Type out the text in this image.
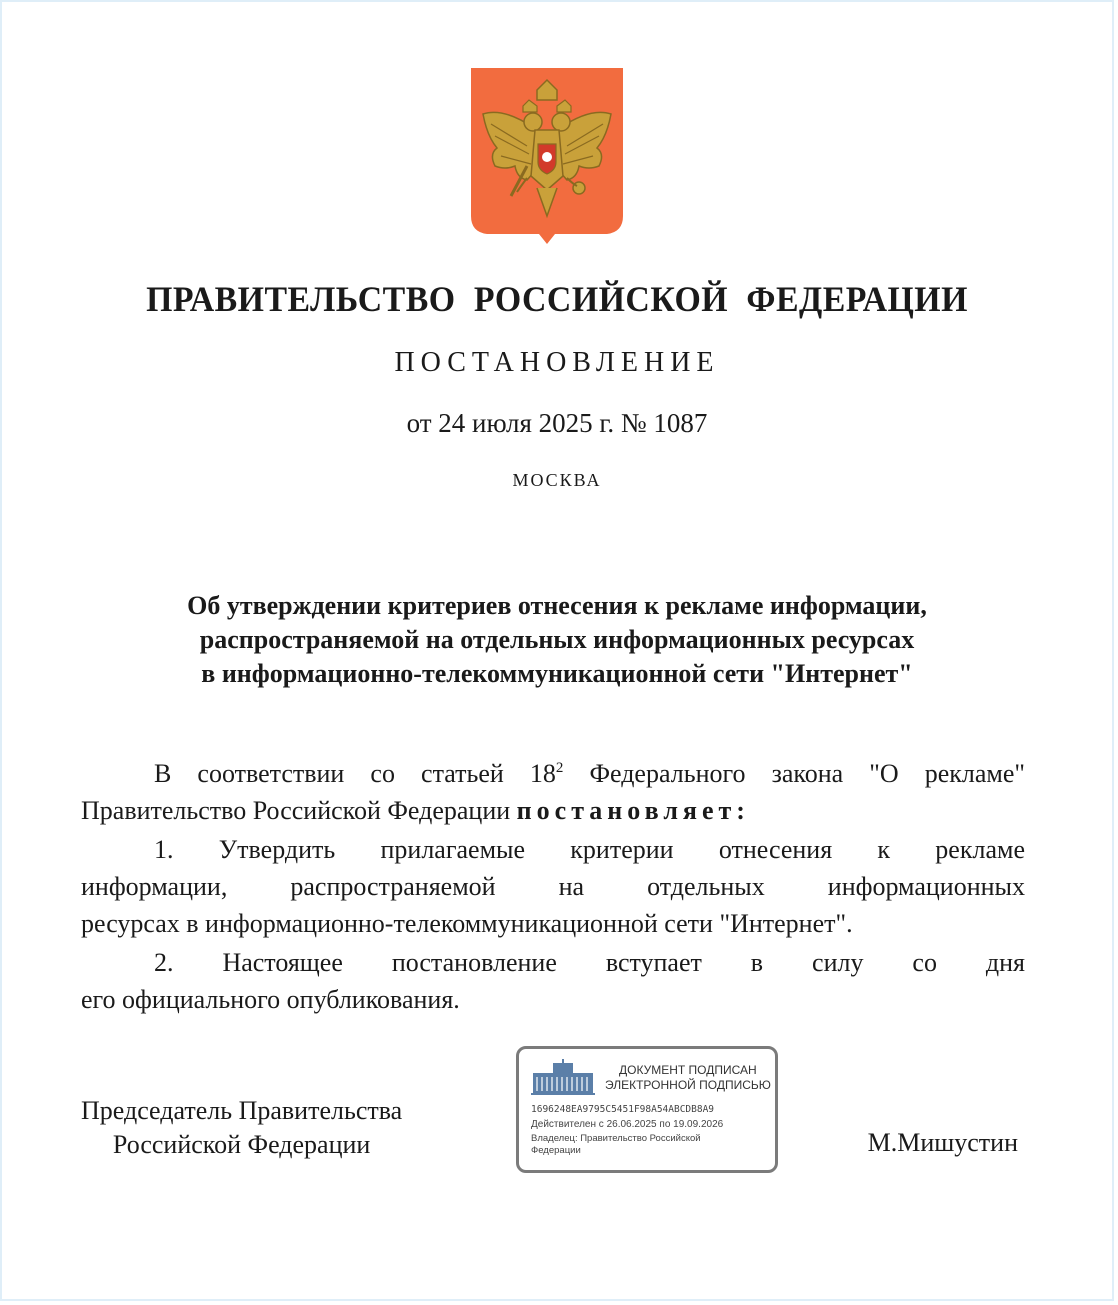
ПРАВИТЕЛЬСТВО РОССИЙСКОЙ ФЕДЕРАЦИИ
ПОСТАНОВЛЕНИЕ
от 24 июля 2025 г. № 1087
МОСКВА
Об утверждении критериев отнесения к рекламе информации,
распространяемой на отдельных информационных ресурсах
в информационно-телекоммуникационной сети "Интернет"
В соответствии со статьей $18^2$ Федерального закона "О рекламе"
Правительство Российской Федерации постановляет:
1. Утвердить прилагаемые критерии отнесения к рекламе
информации, распространяемой на отдельных информационных
ресурсах в информационно-телекоммуникационной сети "Интернет".
2. Настоящее постановление вступает в силу со дня
его официального опубликования.
Председатель Правительства
Российской Федерации
ДОКУМЕНТ ПОДПИСАН
ЭЛЕКТРОННОЙ ПОДПИСЬЮ
1696248EA9795C5451F98A54ABCDB8A9
Действителен с 26.06.2025 по 19.09.2026
Владелец: Правительство Российской Федерации	М.Мишустин
